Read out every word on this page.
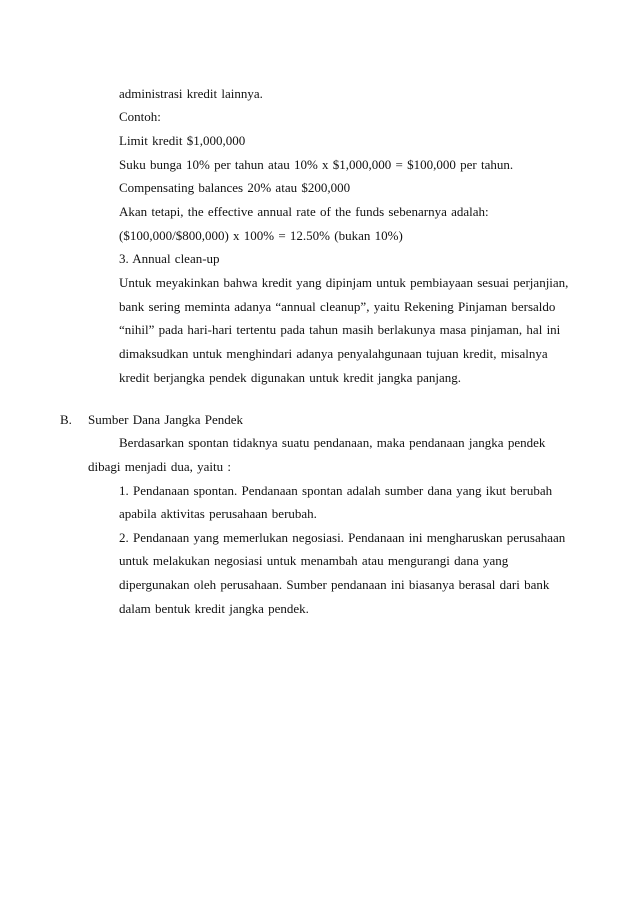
administrasi kredit lainnya.
Contoh:
Limit kredit $1,000,000
Suku bunga 10% per tahun atau 10% x $1,000,000 = $100,000 per tahun.
Compensating balances 20% atau $200,000
Akan tetapi, the effective annual rate of the funds sebenarnya adalah:
($100,000/$800,000) x 100% = 12.50% (bukan 10%)
3. Annual clean-up
Untuk meyakinkan bahwa kredit yang dipinjam untuk pembiayaan sesuai perjanjian,
bank sering meminta adanya “annual cleanup”, yaitu Rekening Pinjaman bersaldo
“nihil” pada hari-hari tertentu pada tahun masih berlakunya masa pinjaman, hal ini
dimaksudkan untuk menghindari adanya penyalahgunaan tujuan kredit, misalnya
kredit berjangka pendek digunakan untuk kredit jangka panjang.
B. Sumber Dana Jangka Pendek
Berdasarkan spontan tidaknya suatu pendanaan, maka pendanaan jangka pendek
dibagi menjadi dua, yaitu :
1. Pendanaan spontan. Pendanaan spontan adalah sumber dana yang ikut berubah
apabila aktivitas perusahaan berubah.
2. Pendanaan yang memerlukan negosiasi. Pendanaan ini mengharuskan perusahaan
untuk melakukan negosiasi untuk menambah atau mengurangi dana yang
dipergunakan oleh perusahaan. Sumber pendanaan ini biasanya berasal dari bank
dalam bentuk kredit jangka pendek.
